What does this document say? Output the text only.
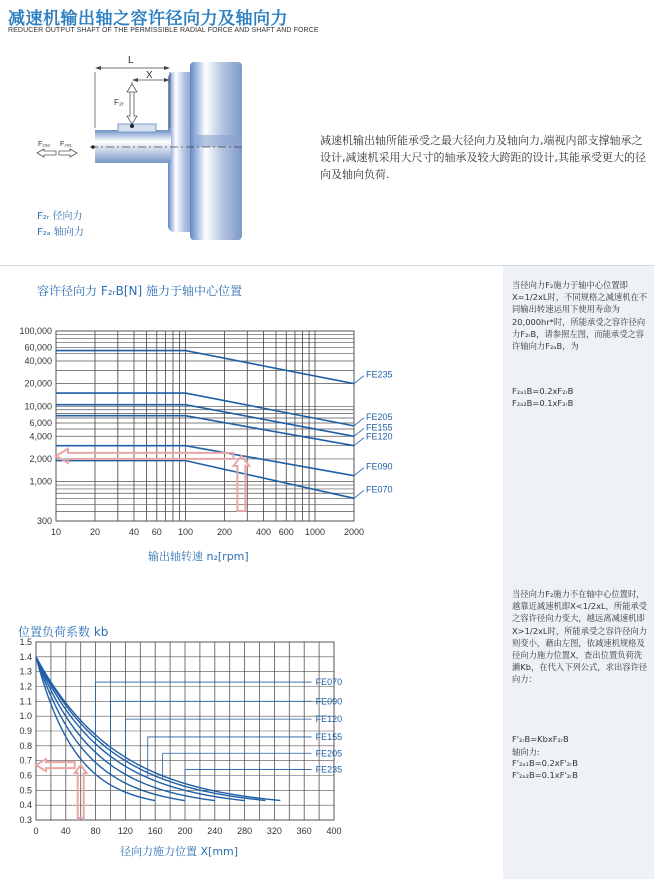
减速机输出轴之容许径向力及轴向力
REDUCER OUTPUT SHAFT OF THE PERMISSIBLE RADIAL FORCE AND SHAFT AND FORCE
L
X
F₂ᵣ
F₂ₐ₂ F₂ₐ₁
F₂ᵣ 径向力
F₂ₐ 轴向力
减速机输出轴所能承受之最大径向力及轴向力,端视内部支撑轴承之设计,减速机采用大尺寸的轴承及较大跨距的设计,其能承受更大的径向及轴向负荷.
当径向力F₂施力于轴中心位置即X=1/2xL时，不同规格之减速机在不同输出转速运用下使用寿命为20,000hr*时，所能承受之容许径向力F₂ᵣB，请参照左图，而能承受之容许轴向力F₂ₐB，为
F₂ₐ₁B=0.2xF₂ᵣB
F₂ₐ₂B=0.1xF₂ᵣB
当径向力F₂施力不在轴中心位置时，越靠近减速机即X<1/2xL，所能承受之容许径向力变大，越远离减速机即X>1/2xL时，所能承受之容许径向力则变小，藉由左图，依减速机规格及径向力施力位置X，查出位置负荷洗濑Kb，在代入下列公式，求出容许径向力：
F'₂ᵣB=KbxF₂ᵣB
轴向力:
F'₂ₐ₁B=0.2xF'₂ᵣB
F'₂ₐ₂B=0.1xF'₂ᵣB
容许径向力 F₂ᵣB[N] 施力于轴中心位置
100,000
60,000
40,000
20,000
10,000
6,000
4,000
2,000
1,000
300
10	20	40 60 100	200	400 600 1000 2000
FE235
FE205
FE155
FE120
FE090
FE070
输出轴转速 n₂[rpm]
位置负荷系数 kb
1.5
1.4
1.3
1.2
1.1
1.0
0.9
0.8
0.7
0.6
0.5
0.4
0.3
0 40 80 120 160 200 240 280 320 360 400
FE070
FE090
FE120
FE155
FE205
FE235
径向力施力位置 X[mm]
